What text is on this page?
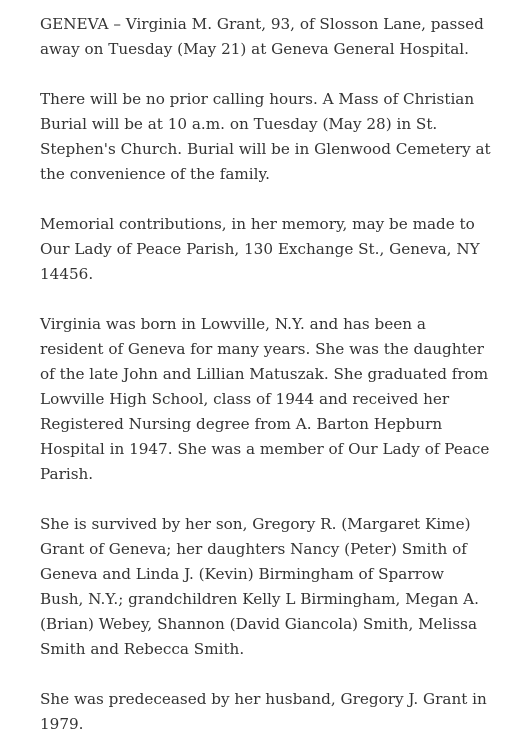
GENEVA – Virginia M. Grant, 93, of Slosson Lane, passed away on Tuesday (May 21) at Geneva General Hospital.

There will be no prior calling hours. A Mass of Christian Burial will be at 10 a.m. on Tuesday (May 28) in St. Stephen's Church. Burial will be in Glenwood Cemetery at the convenience of the family.

Memorial contributions, in her memory, may be made to Our Lady of Peace Parish, 130 Exchange St., Geneva, NY 14456.

Virginia was born in Lowville, N.Y. and has been a resident of Geneva for many years. She was the daughter of the late John and Lillian Matuszak. She graduated from Lowville High School, class of 1944 and received her Registered Nursing degree from A. Barton Hepburn Hospital in 1947. She was a member of Our Lady of Peace Parish.

She is survived by her son, Gregory R. (Margaret Kime) Grant of Geneva; her daughters Nancy (Peter) Smith of Geneva and Linda J. (Kevin) Birmingham of Sparrow Bush, N.Y.; grandchildren Kelly L Birmingham, Megan A. (Brian) Webey, Shannon (David Giancola) Smith, Melissa Smith and Rebecca Smith.

She was predeceased by her husband, Gregory J. Grant in 1979.
